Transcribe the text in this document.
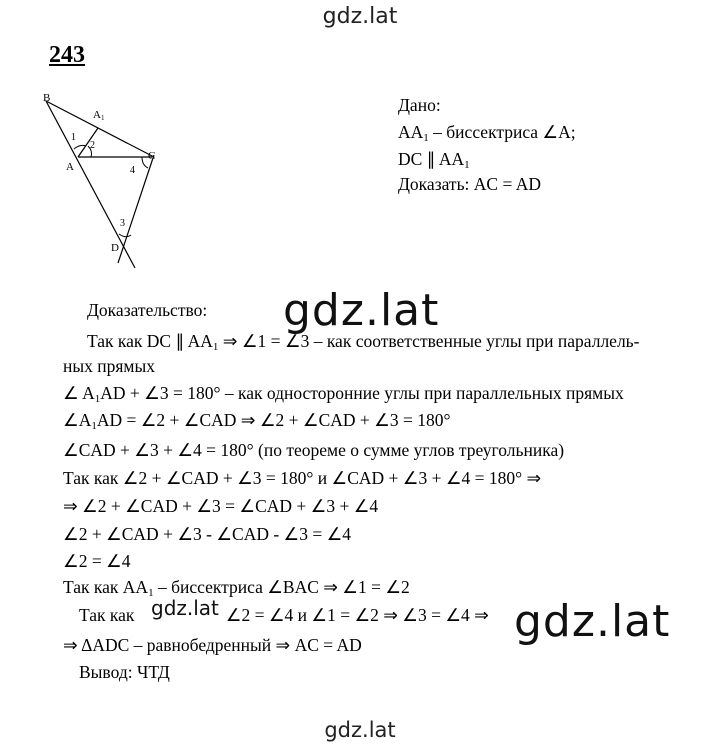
gdz.lat
243
B
A1
A
C
D
1
2
4
3
Дано:
$AA_1$ – биссектриса ∠A;
DC ∥ $AA_1$
Доказать: AC = AD
Доказательство:
Так как DC ∥ $AA_1$ ⇒ ∠1 = ∠3 – как соответственные углы при параллель-
ных прямых
∠ $A_1AD$ + ∠3 = 180° – как односторонние углы при параллельных прямых
$\angle A_1AD$ = ∠2 + ∠CAD ⇒ ∠2 + ∠CAD + ∠3 = 180°
∠CAD + ∠3 + ∠4 = 180° (по теореме о сумме углов треугольника)
Так как ∠2 + ∠CAD + ∠3 = 180° и ∠CAD + ∠3 + ∠4 = 180° ⇒
⇒ ∠2 + ∠CAD + ∠3 = ∠CAD + ∠3 + ∠4
∠2 + ∠CAD + ∠3 - ∠CAD - ∠3 = ∠4
∠2 = ∠4
Так как $AA_1$ – биссектриса ∠BAC ⇒ ∠1 = ∠2
Так как	∠2 = ∠4 и ∠1 = ∠2 ⇒ ∠3 = ∠4 ⇒
⇒ ΔADC – равнобедренный ⇒ AC = AD
Вывод: ЧТД
gdz.lat
gdz.lat	gdz.lat
gdz.lat
